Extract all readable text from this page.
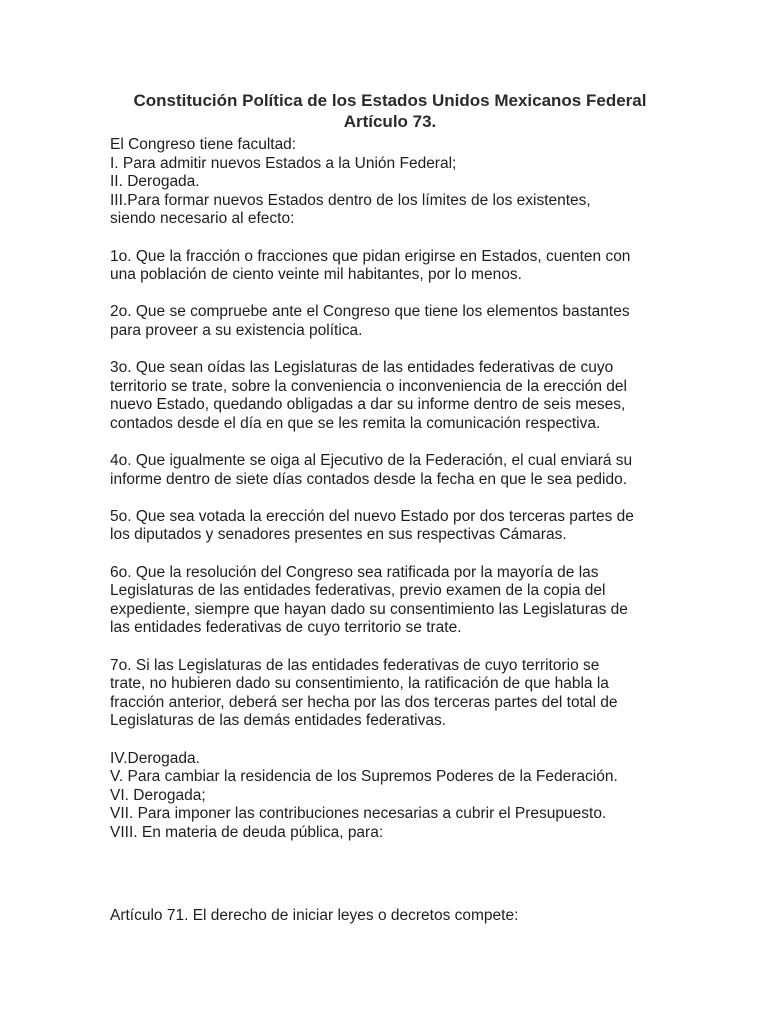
Constitución Política de los Estados Unidos Mexicanos Federal
Artículo 73.
El Congreso tiene facultad:
I. Para admitir nuevos Estados a la Unión Federal;
II. Derogada.
III.Para formar nuevos Estados dentro de los límites de los existentes,
siendo necesario al efecto:
1o. Que la fracción o fracciones que pidan erigirse en Estados, cuenten con
una población de ciento veinte mil habitantes, por lo menos.
2o. Que se compruebe ante el Congreso que tiene los elementos bastantes
para proveer a su existencia política.
3o. Que sean oídas las Legislaturas de las entidades federativas de cuyo
territorio se trate, sobre la conveniencia o inconveniencia de la erección del
nuevo Estado, quedando obligadas a dar su informe dentro de seis meses,
contados desde el día en que se les remita la comunicación respectiva.
4o. Que igualmente se oiga al Ejecutivo de la Federación, el cual enviará su
informe dentro de siete días contados desde la fecha en que le sea pedido.
5o. Que sea votada la erección del nuevo Estado por dos terceras partes de
los diputados y senadores presentes en sus respectivas Cámaras.
6o. Que la resolución del Congreso sea ratificada por la mayoría de las
Legislaturas de las entidades federativas, previo examen de la copia del
expediente, siempre que hayan dado su consentimiento las Legislaturas de
las entidades federativas de cuyo territorio se trate.
7o. Si las Legislaturas de las entidades federativas de cuyo territorio se
trate, no hubieren dado su consentimiento, la ratificación de que habla la
fracción anterior, deberá ser hecha por las dos terceras partes del total de
Legislaturas de las demás entidades federativas.
IV.Derogada.
V. Para cambiar la residencia de los Supremos Poderes de la Federación.
VI. Derogada;
VII. Para imponer las contribuciones necesarias a cubrir el Presupuesto.
VIII. En materia de deuda pública, para:
Artículo 71. El derecho de iniciar leyes o decretos compete:
